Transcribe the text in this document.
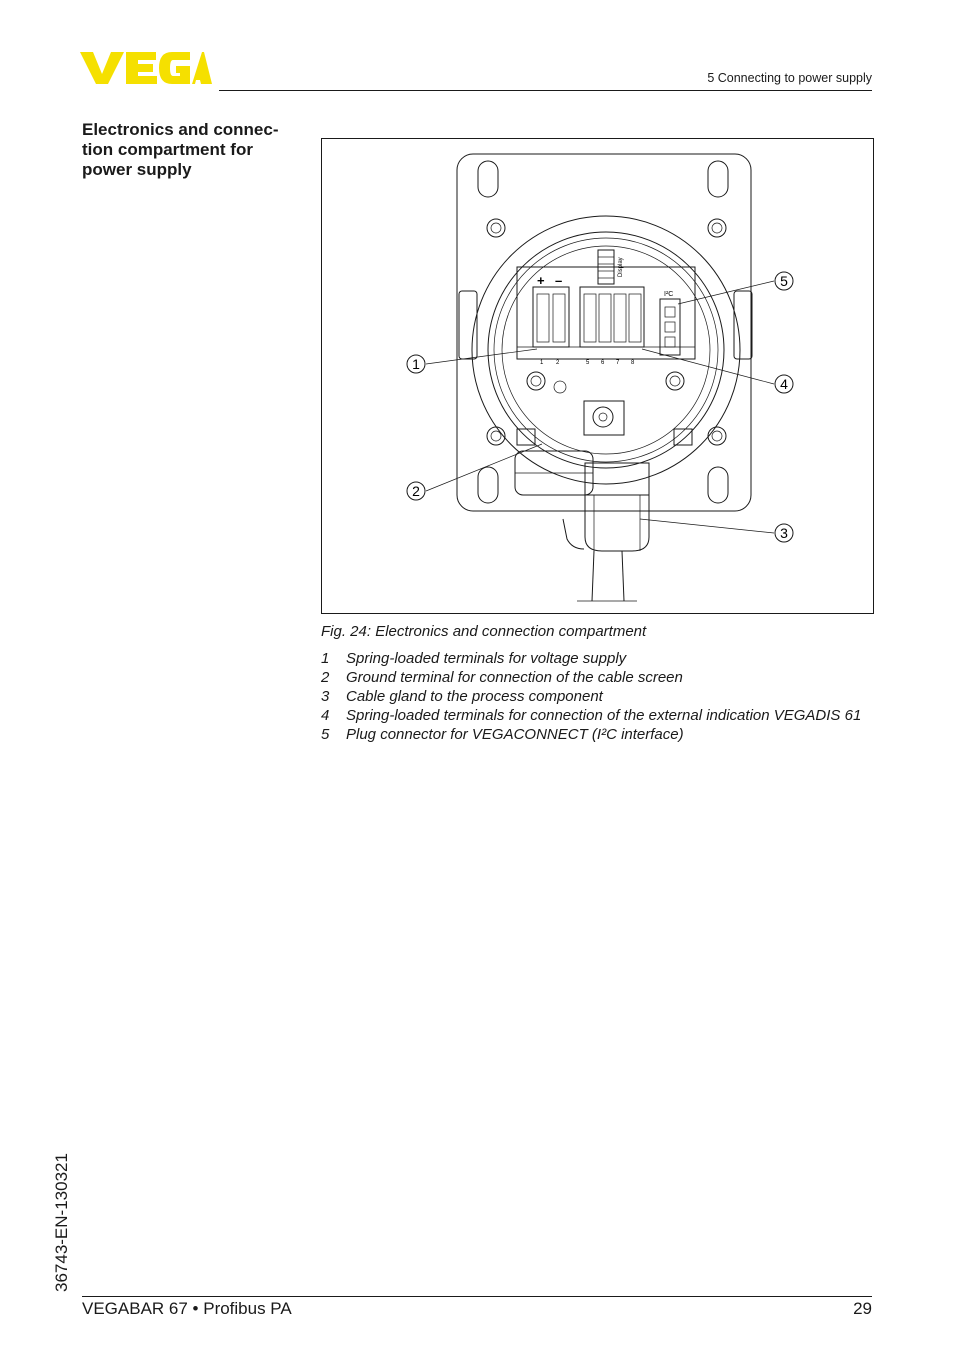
5 Connecting to power supply
Electronics and connec-
tion compartment for
power supply
Display
+ –
1 2	5 6 7 8
I²C
1
2
3
4
5
Fig. 24: Electronics and connection compartment
1	Spring-loaded terminals for voltage supply
2	Ground terminal for connection of the cable screen
3	Cable gland to the process component
4	Spring-loaded terminals for connection of the external indication VEGADIS 61
5	Plug connector for VEGACONNECT (I²C interface)
36743-EN-130321
VEGABAR 67 • Profibus PA	29
